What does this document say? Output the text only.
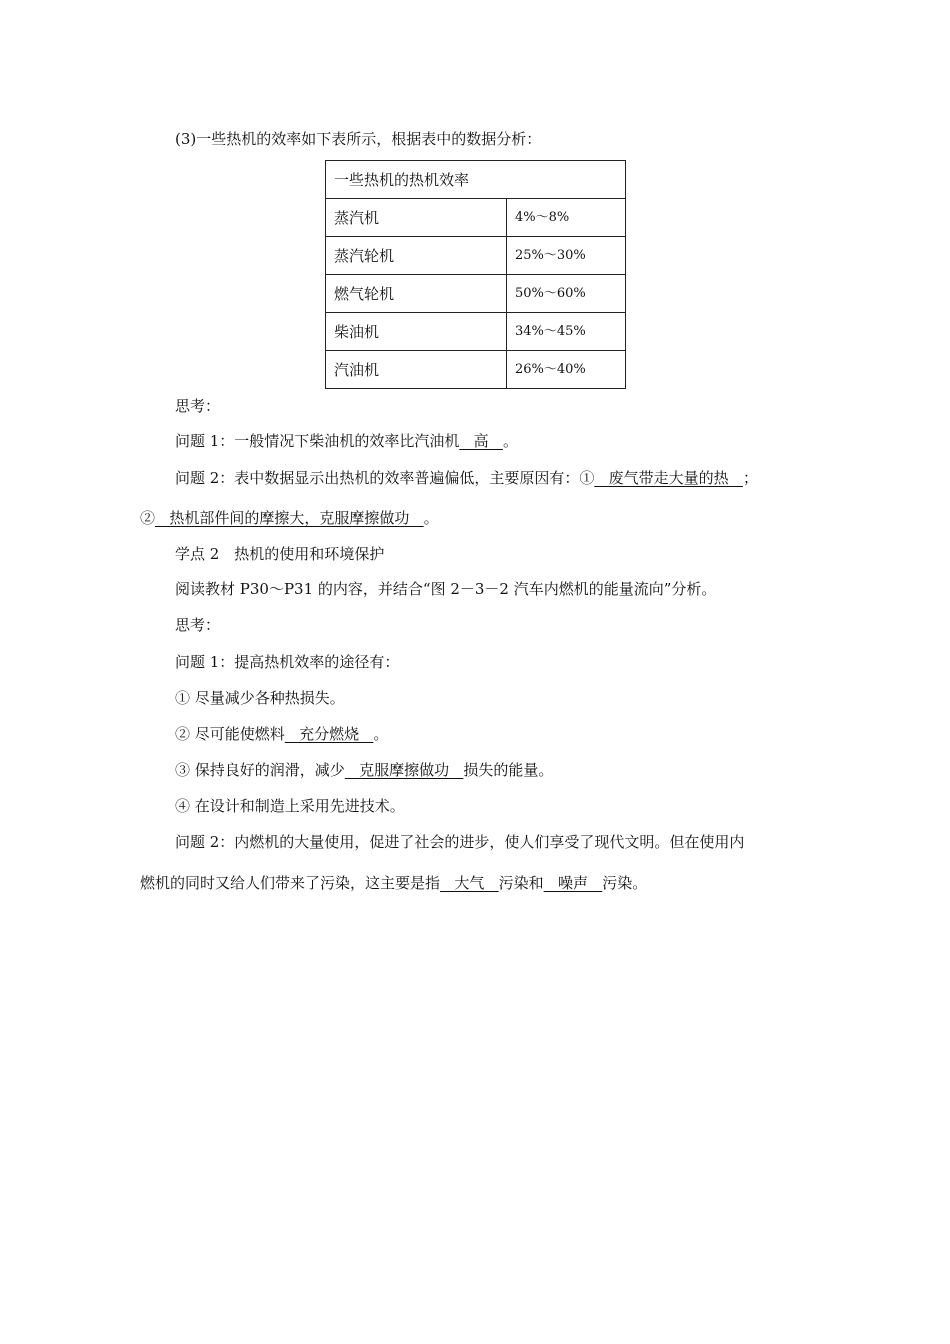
(3)一些热机的效率如下表所示，根据表中的数据分析：
一些热机的热机效率	
蒸汽机	4%～8%
蒸汽轮机	25%～30%
燃气轮机	50%～60%
柴油机	34%～45%
汽油机	26%～40%
思考：
问题 1：一般情况下柴油机的效率比汽油机   高   。
问题 2：表中数据显示出热机的效率普遍偏低，主要原因有：①   废气带走大量的热   ；
②   热机部件间的摩擦大，克服摩擦做功   。
学点 2　热机的使用和环境保护
阅读教材 P30～P31 的内容，并结合“图 2－3－2 汽车内燃机的能量流向”分析。
思考：
问题 1：提高热机效率的途径有：
① 尽量减少各种热损失。
② 尽可能使燃料   充分燃烧   。
③ 保持良好的润滑，减少   克服摩擦做功   损失的能量。
④ 在设计和制造上采用先进技术。
问题 2：内燃机的大量使用，促进了社会的进步，使人们享受了现代文明。但在使用内
燃机的同时又给人们带来了污染，这主要是指   大气   污染和   噪声   污染。
